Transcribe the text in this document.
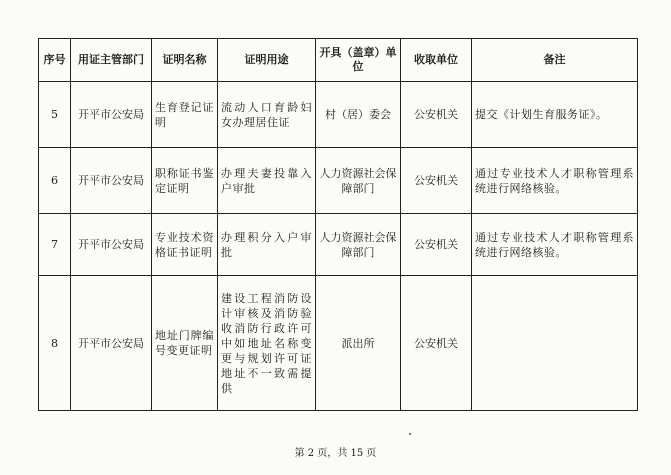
序号	用证主管部门	证明名称	证明用途	开具（盖章）单位	收取单位	备注
5	开平市公安局	生育登记证明	流动人口育龄妇女办理居住证	村（居）委会	公安机关	提交《计划生育服务证》。
6	开平市公安局	职称证书鉴定证明	办理夫妻投靠入户审批	人力资源社会保障部门	公安机关	通过专业技术人才职称管理系统进行网络核验。
7	开平市公安局	专业技术资格证书证明	办理积分入户审批	人力资源社会保障部门	公安机关	通过专业技术人才职称管理系统进行网络核验。
8	开平市公安局	地址门牌编号变更证明	建设工程消防设计审核及消防验收消防行政许可中如地址名称变更与规划许可证地址不一致需提供	派出所	公安机关	
第 2 页，共 15 页
